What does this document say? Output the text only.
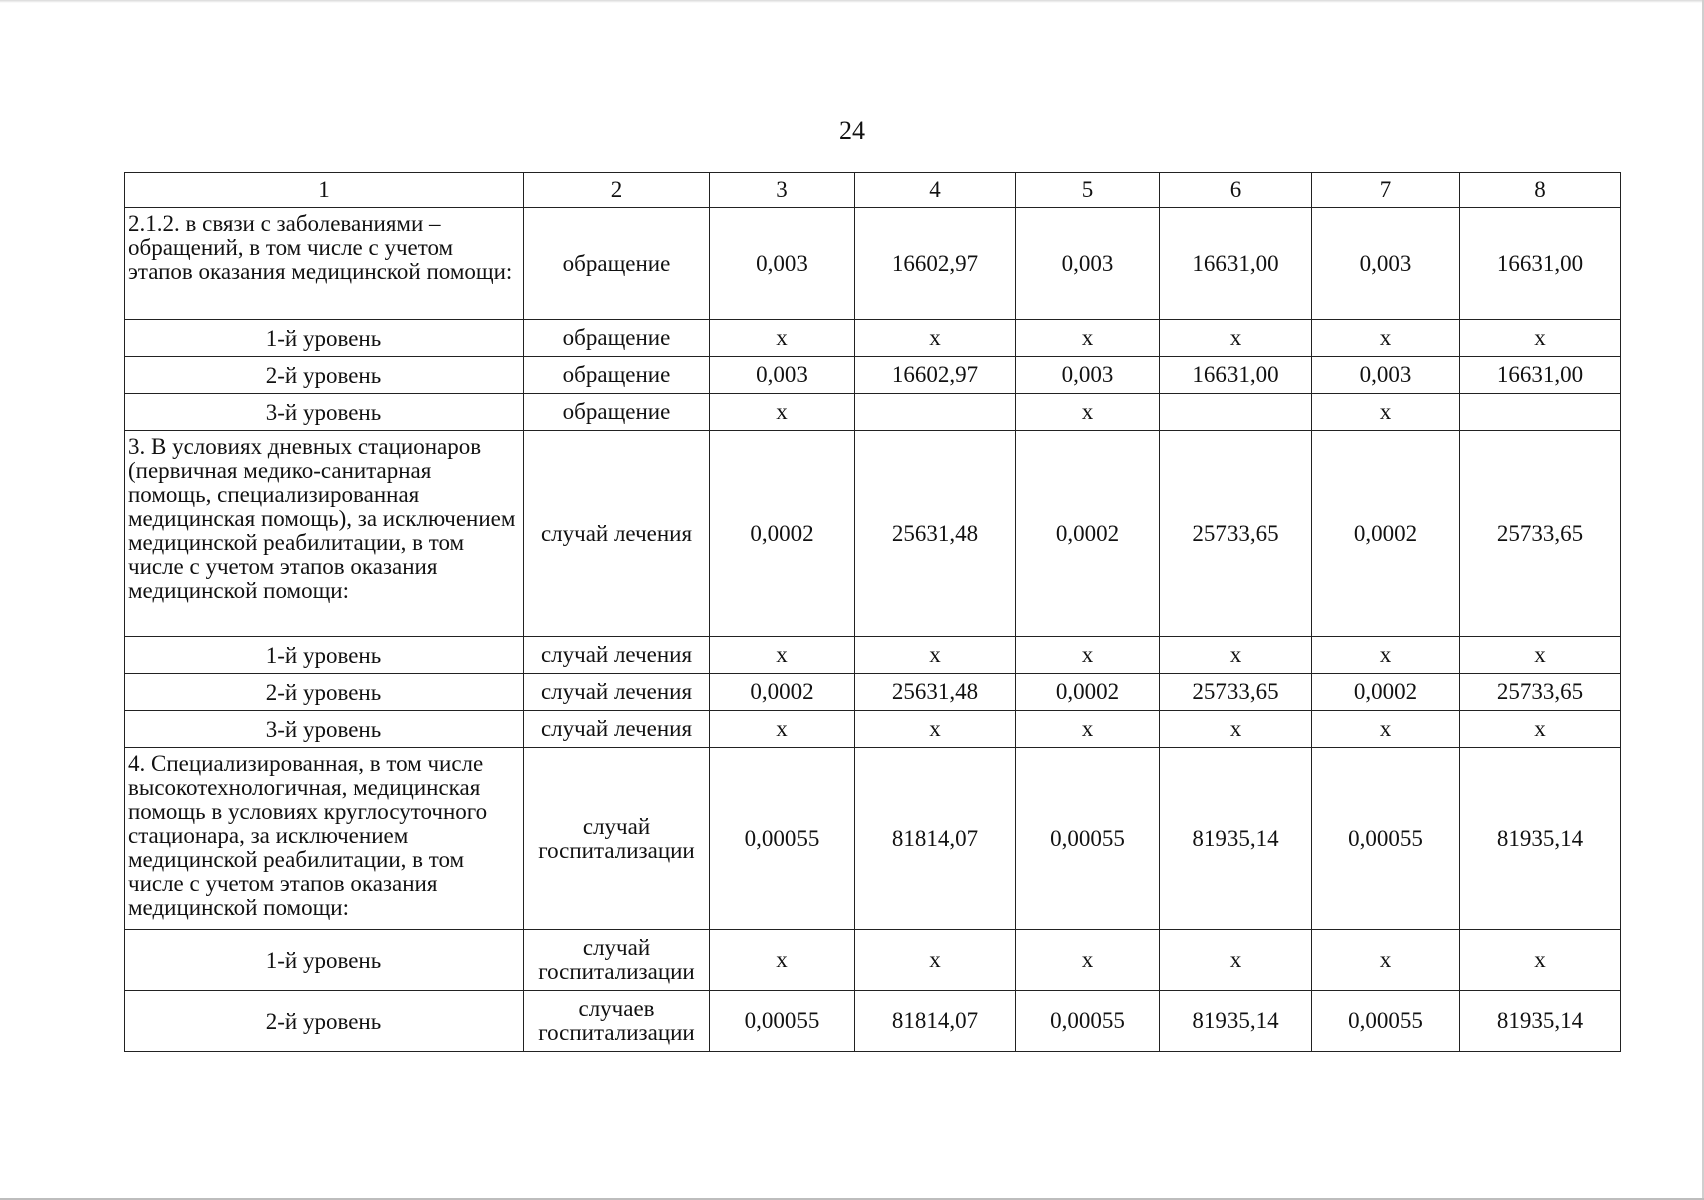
24
1	2	3	4	5	6	7	8
2.1.2. в связи с заболеваниями – обращений, в том числе с учетом этапов оказания медицинской помощи:	обращение	0,003	16602,97	0,003	16631,00	0,003	16631,00
1-й уровень	обращение	х	х	х	х	х	х
2-й уровень	обращение	0,003	16602,97	0,003	16631,00	0,003	16631,00
3-й уровень	обращение	х		х		х	
3. В условиях дневных стационаров (первичная медико-санитарная помощь, специализированная медицинская помощь), за исключением медицинской реабилитации, в том числе с учетом этапов оказания медицинской помощи:	случай лечения	0,0002	25631,48	0,0002	25733,65	0,0002	25733,65
1-й уровень	случай лечения	х	х	х	х	х	х
2-й уровень	случай лечения	0,0002	25631,48	0,0002	25733,65	0,0002	25733,65
3-й уровень	случай лечения	х	х	х	х	х	х
4. Специализированная, в том числе высокотехнологичная, медицинская помощь в условиях круглосуточного стационара, за исключением медицинской реабилитации, в том числе с учетом этапов оказания медицинской помощи:	случай госпитализации	0,00055	81814,07	0,00055	81935,14	0,00055	81935,14
1-й уровень	случай госпитализации	х	х	х	х	х	х
2-й уровень	случаев госпитализации	0,00055	81814,07	0,00055	81935,14	0,00055	81935,14
